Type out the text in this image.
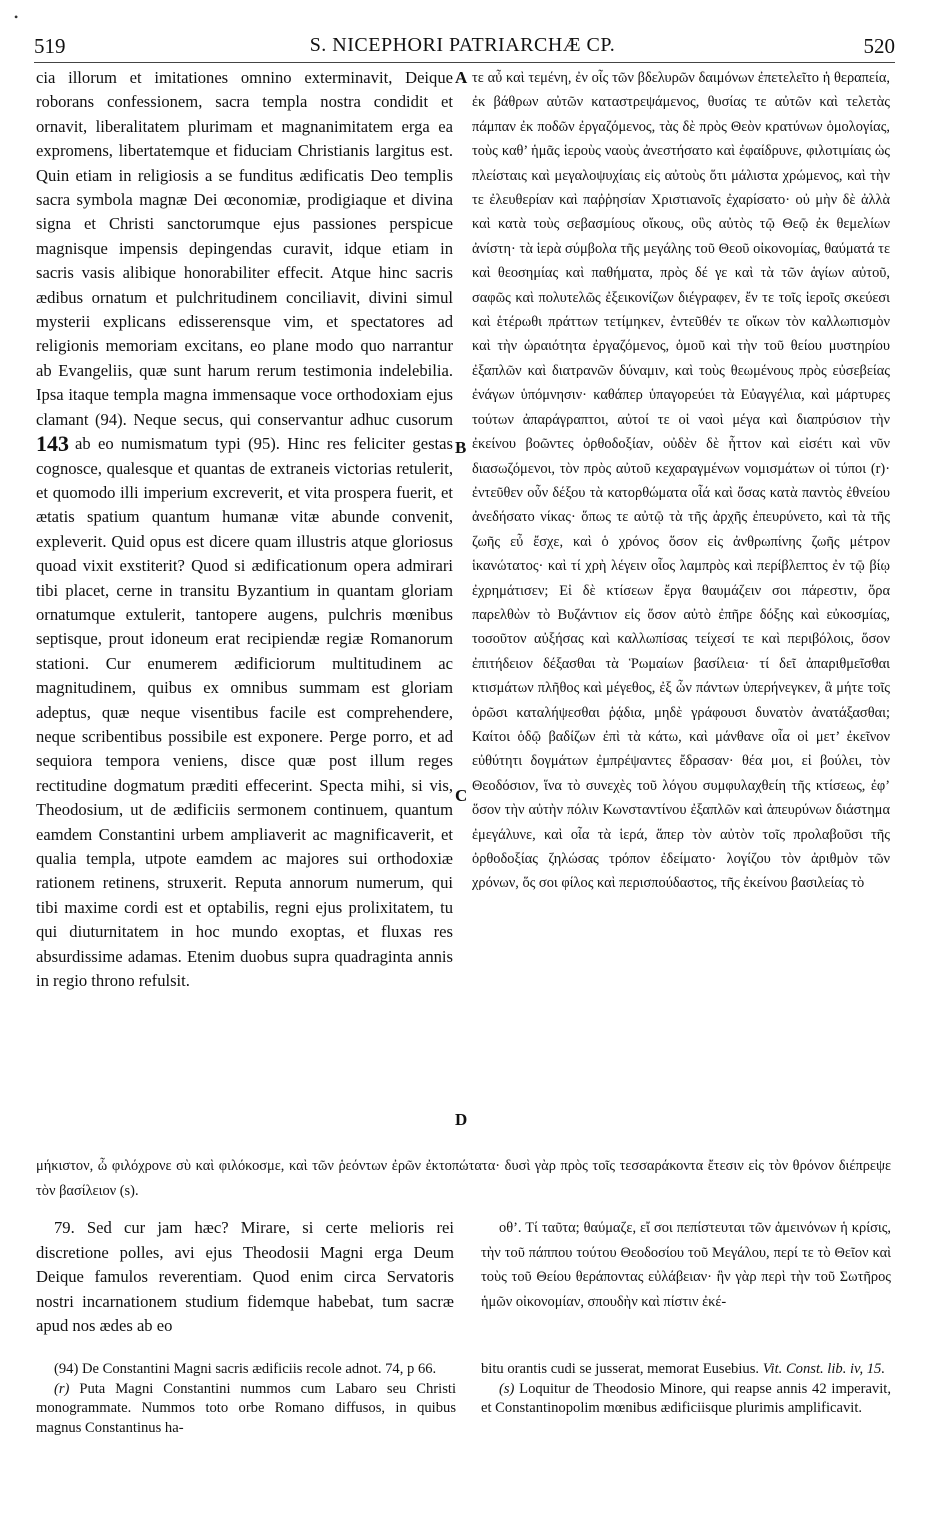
•
519	S. NICEPHORI PATRIARCHÆ CP.	520

cia illorum et imitationes omnino exterminavit, Deique roborans confessionem, sacra templa nostra condidit et ornavit, liberalitatem plurimam et magnanimitatem erga ea expromens, libertatemque et fiduciam Christianis largitus est. Quin etiam in religiosis a se funditus ædificatis Deo templis sacra symbola magnæ Dei œconomiæ, prodigiaque et divina signa et Christi sanctorumque ejus passiones perspicue magnisque impensis depingendas curavit, idque etiam in sacris vasis alibique honorabiliter effecit. Atque hinc sacris ædibus ornatum et pulchritudinem conciliavit, divini simul mysterii explicans edisserensque vim, et spectatores ad religionis memoriam excitans, eo plane modo quo narrantur ab Evangeliis, quæ sunt harum rerum testimonia indelebilia. Ipsa itaque templa magna immensaque voce orthodoxiam ejus clamant (94). Neque secus, qui conservantur adhuc cusorum 143 ab eo numismatum typi (95). Hinc res feliciter gestas cognosce, qualesque et quantas de extraneis victorias retulerit, et quomodo illi imperium excreverit, et vita prospera fuerit, et ætatis spatium quantum humanæ vitæ abunde convenit, expleverit. Quid opus est dicere quam illustris atque gloriosus quoad vixit exstiterit? Quod si ædificationum opera admirari tibi placet, cerne in transitu Byzantium in quantam gloriam ornatumque extulerit, tantopere augens, pulchris mœnibus septisque, prout idoneum erat recipiendæ regiæ Romanorum stationi. Cur enumerem ædificiorum multitudinem ac magnitudinem, quibus ex omnibus summam est gloriam adeptus, quæ neque visentibus facile est comprehendere, neque scribentibus possibile est exponere. Perge porro, et ad sequiora tempora veniens, disce quæ post illum reges rectitudine dogmatum præditi effecerint. Specta mihi, si vis, Theodosium, ut de ædificiis sermonem continuem, quantum eamdem Constantini urbem ampliaverit ac magnificaverit, et qualia templa, utpote eamdem ac majores sui orthodoxiæ rationem retinens, struxerit. Reputa annorum numerum, qui tibi maxime cordi est et optabilis, regni ejus prolixitatem, tu qui diuturnitatem in hoc mundo exoptas, et fluxas res absurdissime adamas. Etenim duobus supra quadraginta annis in regio throno refulsit.

A
B
C
D

τε αὖ καὶ τεμένη, ἐν οἷς τῶν βδελυρῶν δαιμόνων ἐπετελεῖτο ἡ θεραπεία, ἐκ βάθρων αὐτῶν καταστρεψάμενος, θυσίας τε αὐτῶν καὶ τελετὰς πάμπαν ἐκ ποδῶν ἐργαζόμενος, τὰς δὲ πρὸς Θεὸν κρατύνων ὁμολογίας, τοὺς καθ’ ἡμᾶς ἱεροὺς ναοὺς ἀνεστήσατο καὶ ἐφαίδρυνε, φιλοτιμίαις ὡς πλείσταις καὶ μεγαλοψυχίαις εἰς αὐτοὺς ὅτι μάλιστα χρώμενος, καὶ τὴν τε ἐλευθερίαν καὶ παῤῥησίαν Χριστιανοῖς ἐχαρίσατο· οὐ μὴν δὲ ἀλλὰ καὶ κατὰ τοὺς σεβασμίους οἴκους, οὓς αὐτὸς τῷ Θεῷ ἐκ θεμελίων ἀνίστη· τὰ ἱερὰ σύμβολα τῆς μεγάλης τοῦ Θεοῦ οἰκονομίας, θαύματά τε καὶ θεοσημίας καὶ παθήματα, πρὸς δέ γε καὶ τὰ τῶν ἁγίων αὐτοῦ, σαφῶς καὶ πολυτελῶς ἐξεικονίζων διέγραφεν, ἔν τε τοῖς ἱεροῖς σκεύεσι καὶ ἑτέρωθι πράττων τετίμηκεν, ἐντεῦθέν τε οἴκων τὸν καλλωπισμὸν καὶ τὴν ὡραιότητα ἐργαζόμενος, ὁμοῦ καὶ τὴν τοῦ θείου μυστηρίου ἐξαπλῶν καὶ διατρανῶν δύναμιν, καὶ τοὺς θεωμένους πρὸς εὐσεβείας ἐνάγων ὑπόμνησιν· καθάπερ ὑπαγορεύει τὰ Εὐαγγέλια, καὶ μάρτυρες τούτων ἀπαράγραπτοι, αὐτοί τε οἱ ναοὶ μέγα καὶ διαπρύσιον τὴν ἐκείνου βοῶντες ὀρθοδοξίαν, οὐδὲν δὲ ἧττον καὶ εἰσέτι καὶ νῦν διασωζόμενοι, τὸν πρὸς αὐτοῦ κεχαραγμένων νομισμάτων οἱ τύποι (r)· ἐντεῦθεν οὖν δέξου τὰ κατορθώματα οἷά καὶ ὅσας κατὰ παντὸς ἐθνείου ἀνεδήσατο νίκας· ὅπως τε αὐτῷ τὰ τῆς ἀρχῆς ἐπευρύνετο, καὶ τὰ τῆς ζωῆς εὖ ἔσχε, καὶ ὁ χρόνος ὅσον εἰς ἀνθρωπίνης ζωῆς μέτρον ἱκανώτατος· καὶ τί χρὴ λέγειν οἷος λαμπρὸς καὶ περίβλεπτος ἐν τῷ βίῳ ἐχρημάτισεν; Εἰ δὲ κτίσεων ἔργα θαυμάζειν σοι πάρεστιν, ὅρα παρελθὼν τὸ Βυζάντιον εἰς ὅσον αὐτὸ ἐπῆρε δόξης καὶ εὐκοσμίας, τοσοῦτον αὐξήσας καὶ καλλωπίσας τείχεσί τε καὶ περιβόλοις, ὅσον ἐπιτήδειον δέξασθαι τὰ Ῥωμαίων βασίλεια· τί δεῖ ἀπαριθμεῖσθαι κτισμάτων πλῆθος καὶ μέγεθος, ἐξ ὧν πάντων ὑπερήνεγκεν, ἃ μήτε τοῖς ὁρῶσι καταλήψεσθαι ῥᾴδια, μηδὲ γράφουσι δυνατὸν ἀνατάξασθαι; Καίτοι ὁδῷ βαδίζων ἐπὶ τὰ κάτω, καὶ μάνθανε οἷα οἱ μετ’ ἐκεῖνον εὐθύτητι δογμάτων ἐμπρέψαντες ἔδρασαν· θέα μοι, εἰ βούλει, τὸν Θεοδόσιον, ἵνα τὸ συνεχὲς τοῦ λόγου συμφυλαχθείη τῆς κτίσεως, ἐφ’ ὅσον τὴν αὐτὴν πόλιν Κωνσταντίνου ἐξαπλῶν καὶ ἀπευρύνων διάστημα ἐμεγάλυνε, καὶ οἷα τὰ ἱερά, ἅπερ τὸν αὐτὸν τοῖς προλαβοῦσι τῆς ὀρθοδοξίας ζηλώσας τρόπον ἐδείματο· λογίζου τὸν ἀριθμὸν τῶν χρόνων, ὅς σοι φίλος καὶ περισπούδαστος, τῆς ἐκείνου βασιλείας τὸ

μήκιστον, ὦ φιλόχρονε σὺ καὶ φιλόκοσμε, καὶ τῶν ῥεόντων ἐρῶν ἐκτοπώτατα· δυσὶ γὰρ πρὸς τοῖς τεσσαράκοντα ἔτεσιν εἰς τὸν θρόνον διέπρεψε τὸν βασίλειον (s).

79. Sed cur jam hæc? Mirare, si certe melioris rei discretione polles, avi ejus Theodosii Magni erga Deum Deique famulos reverentiam. Quod enim circa Servatoris nostri incarnationem studium fidemque habebat, tum sacræ apud nos ædes ab eo

οθ’. Τί ταῦτα; θαύμαζε, εἴ σοι πεπίστευται τῶν ἀμεινόνων ἡ κρίσις, τὴν τοῦ πάππου τούτου Θεοδοσίου τοῦ Μεγάλου, περί τε τὸ Θεῖον καὶ τοὺς τοῦ Θείου θεράποντας εὐλάβειαν· ἣν γὰρ περὶ τὴν τοῦ Σωτῆρος ἡμῶν οἰκονομίαν, σπουδὴν καὶ πίστιν ἐκέ-

(94) De Constantini Magni sacris ædificiis recole adnot. 74, p 66.

(r) Puta Magni Constantini nummos cum Labaro seu Christi monogrammate. Nummos toto orbe Romano diffusos, in quibus magnus Constantinus ha-

bitu orantis cudi se jusserat, memorat Eusebius. Vit. Const. lib. iv, 15.

(s) Loquitur de Theodosio Minore, qui reapse annis 42 imperavit, et Constantinopolim mœnibus ædificiisque plurimis amplificavit.
